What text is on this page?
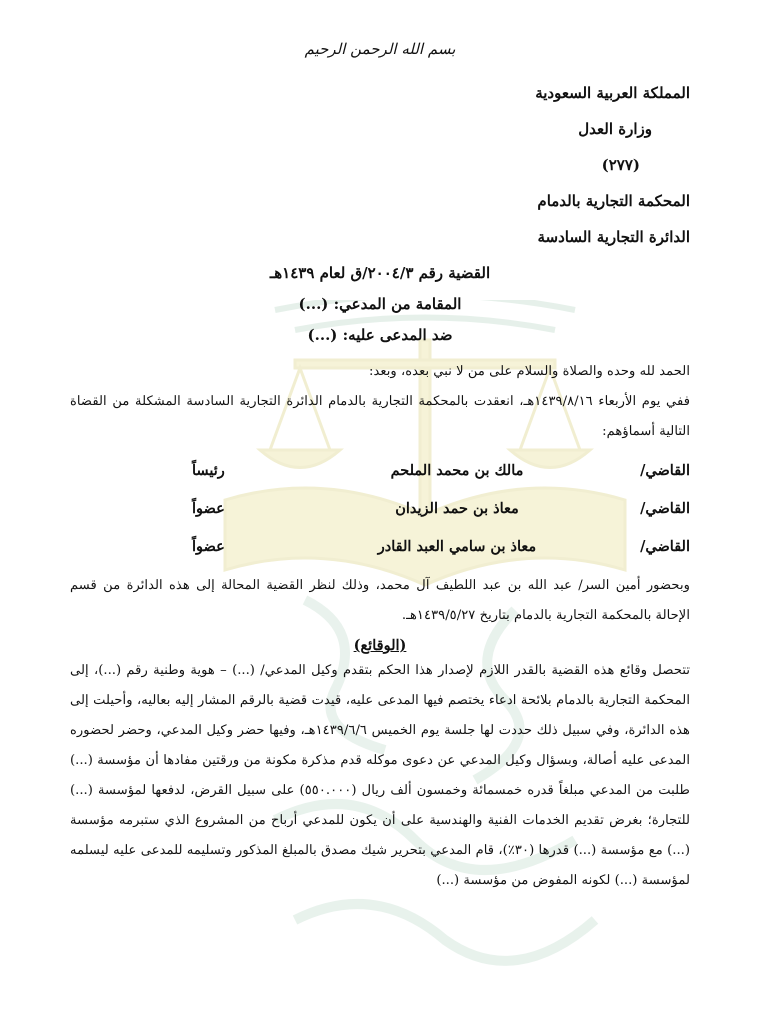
بسم الله الرحمن الرحيم
المملكة العربية السعودية
وزارة العدل
(٢٧٧)
المحكمة التجارية بالدمام
الدائرة التجارية السادسة
القضية رقم ٢٠٠٤/٣/ق لعام ١٤٣٩هـ
المقامة من المدعي: (...)
ضد المدعى عليه: (...)

الحمد لله وحده والصلاة والسلام على من لا نبي بعده، وبعد:

ففي يوم الأربعاء ١٤٣٩/٨/١٦هـ، انعقدت بالمحكمة التجارية بالدمام الدائرة التجارية السادسة المشكلة من القضاة التالية أسماؤهم:

القاضي/
مالك بن محمد الملحم
رئيساً
القاضي/
معاذ بن حمد الزيدان
عضواً
القاضي/
معاذ بن سامي العبد القادر
عضواً

وبحضور أمين السر/ عبد الله بن عبد اللطيف آل محمد، وذلك لنظر القضية المحالة إلى هذه الدائرة من قسم الإحالة بالمحكمة التجارية بالدمام بتاريخ ١٤٣٩/٥/٢٧هـ.

(الوقائع)

تتحصل وقائع هذه القضية بالقدر اللازم لإصدار هذا الحكم بتقدم وكيل المدعي/ (...) – هوية وطنية رقم (...)، إلى المحكمة التجارية بالدمام بلائحة ادعاء يختصم فيها المدعى عليه، قيدت قضية بالرقم المشار إليه بعاليه، وأحيلت إلى هذه الدائرة، وفي سبيل ذلك حددت لها جلسة يوم الخميس ١٤٣٩/٦/٦هـ، وفيها حضر وكيل المدعي، وحضر لحضوره المدعى عليه أصالة، وبسؤال وكيل المدعي عن دعوى موكله قدم مذكرة مكونة من ورقتين مفادها أن مؤسسة (...) طلبت من المدعي مبلغاً قدره خمسمائة وخمسون ألف ريال (٥٥٠.٠٠٠) على سبيل القرض، لدفعها لمؤسسة (...) للتجارة؛ بغرض تقديم الخدمات الفنية والهندسية على أن يكون للمدعي أرباح من المشروع الذي ستبرمه مؤسسة (...) مع مؤسسة (...) قدرها (٣٠٪)، قام المدعي بتحرير شيك مصدق بالمبلغ المذكور وتسليمه للمدعى عليه ليسلمه لمؤسسة (...) لكونه المفوض من مؤسسة (...)
